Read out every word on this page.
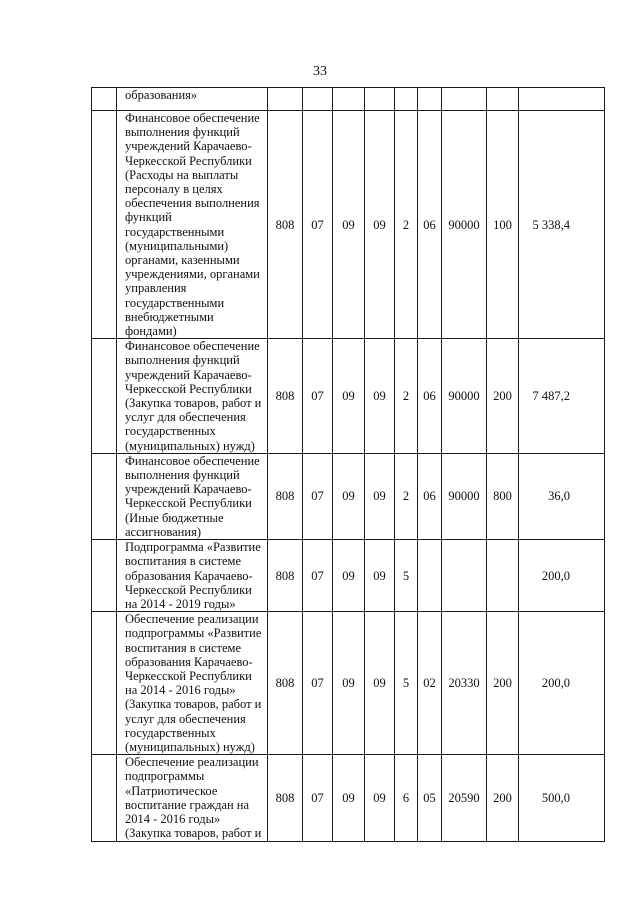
33
	образования»									
	Финансовое обеспечение выполнения функций учреждений Карачаево-Черкесской Республики (Расходы на выплаты персоналу в целях обеспечения выполнения функций государственными (муниципальными) органами, казенными учреждениями, органами управления государственными внебюджетными фондами)	808	07	09	09	2	06	90000	100	5 338,4
	Финансовое обеспечение выполнения функций учреждений Карачаево-Черкесской Республики (Закупка товаров, работ и услуг для обеспечения государственных (муниципальных) нужд)	808	07	09	09	2	06	90000	200	7 487,2
	Финансовое обеспечение выполнения функций учреждений Карачаево-Черкесской Республики (Иные бюджетные ассигнования)	808	07	09	09	2	06	90000	800	36,0
	Подпрограмма «Развитие воспитания в системе образования Карачаево-Черкесской Республики на 2014 - 2019 годы»	808	07	09	09	5				200,0
	Обеспечение реализации подпрограммы «Развитие воспитания в системе образования Карачаево-Черкесской Республики на 2014 - 2016 годы» (Закупка товаров, работ и услуг для обеспечения государственных (муниципальных) нужд)	808	07	09	09	5	02	20330	200	200,0
	Обеспечение реализации подпрограммы «Патриотическое воспитание граждан на 2014 - 2016 годы» (Закупка товаров, работ и	808	07	09	09	6	05	20590	200	500,0
